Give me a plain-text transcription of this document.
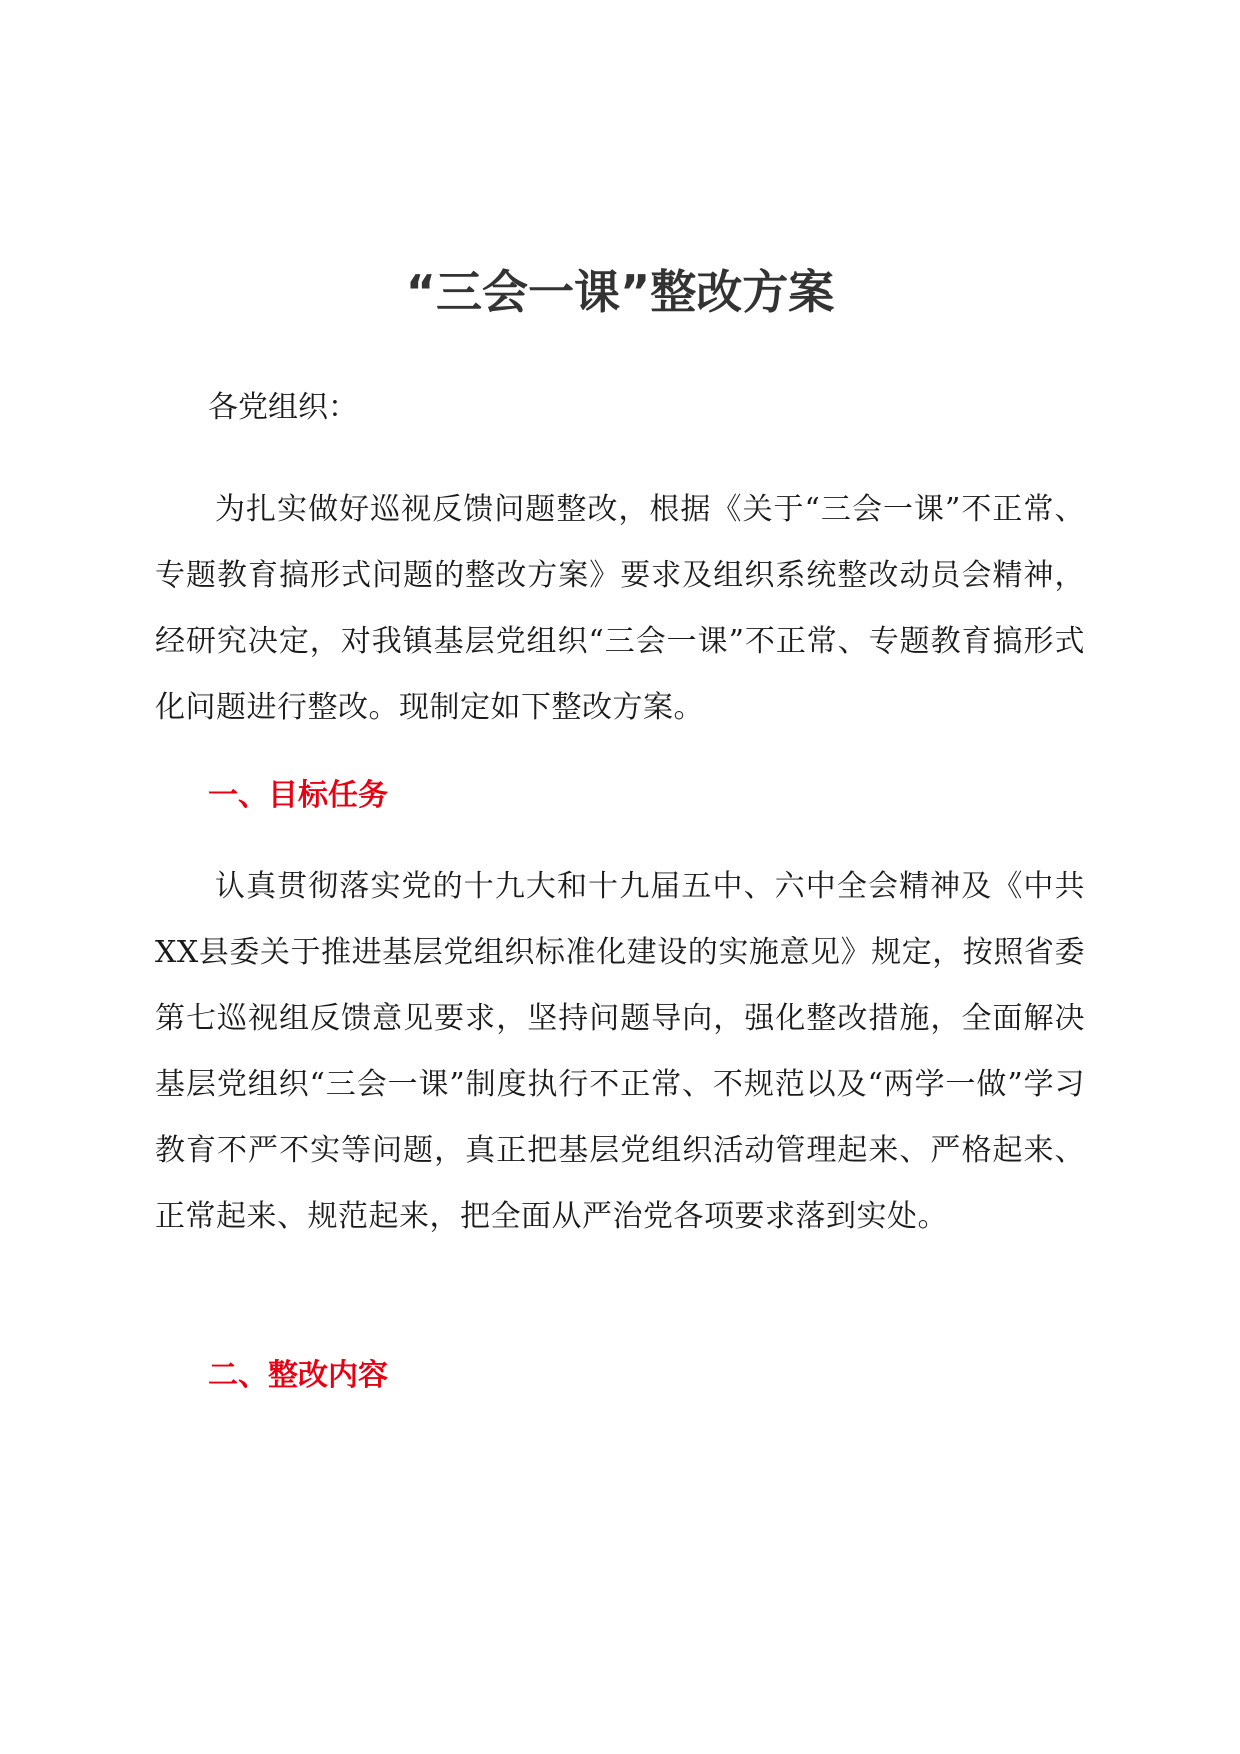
“三会一课”整改方案

各党组织：

为扎实做好巡视反馈问题整改，根据《关于“三会一课”不正常、专题教育搞形式问题的整改方案》要求及组织系统整改动员会精神，经研究决定，对我镇基层党组织“三会一课”不正常、专题教育搞形式化问题进行整改。现制定如下整改方案。

一、目标任务

认真贯彻落实党的十九大和十九届五中、六中全会精神及《中共XX县委关于推进基层党组织标准化建设的实施意见》规定，按照省委第七巡视组反馈意见要求，坚持问题导向，强化整改措施，全面解决基层党组织“三会一课”制度执行不正常、不规范以及“两学一做”学习教育不严不实等问题，真正把基层党组织活动管理起来、严格起来、正常起来、规范起来，把全面从严治党各项要求落到实处。

二、整改内容
